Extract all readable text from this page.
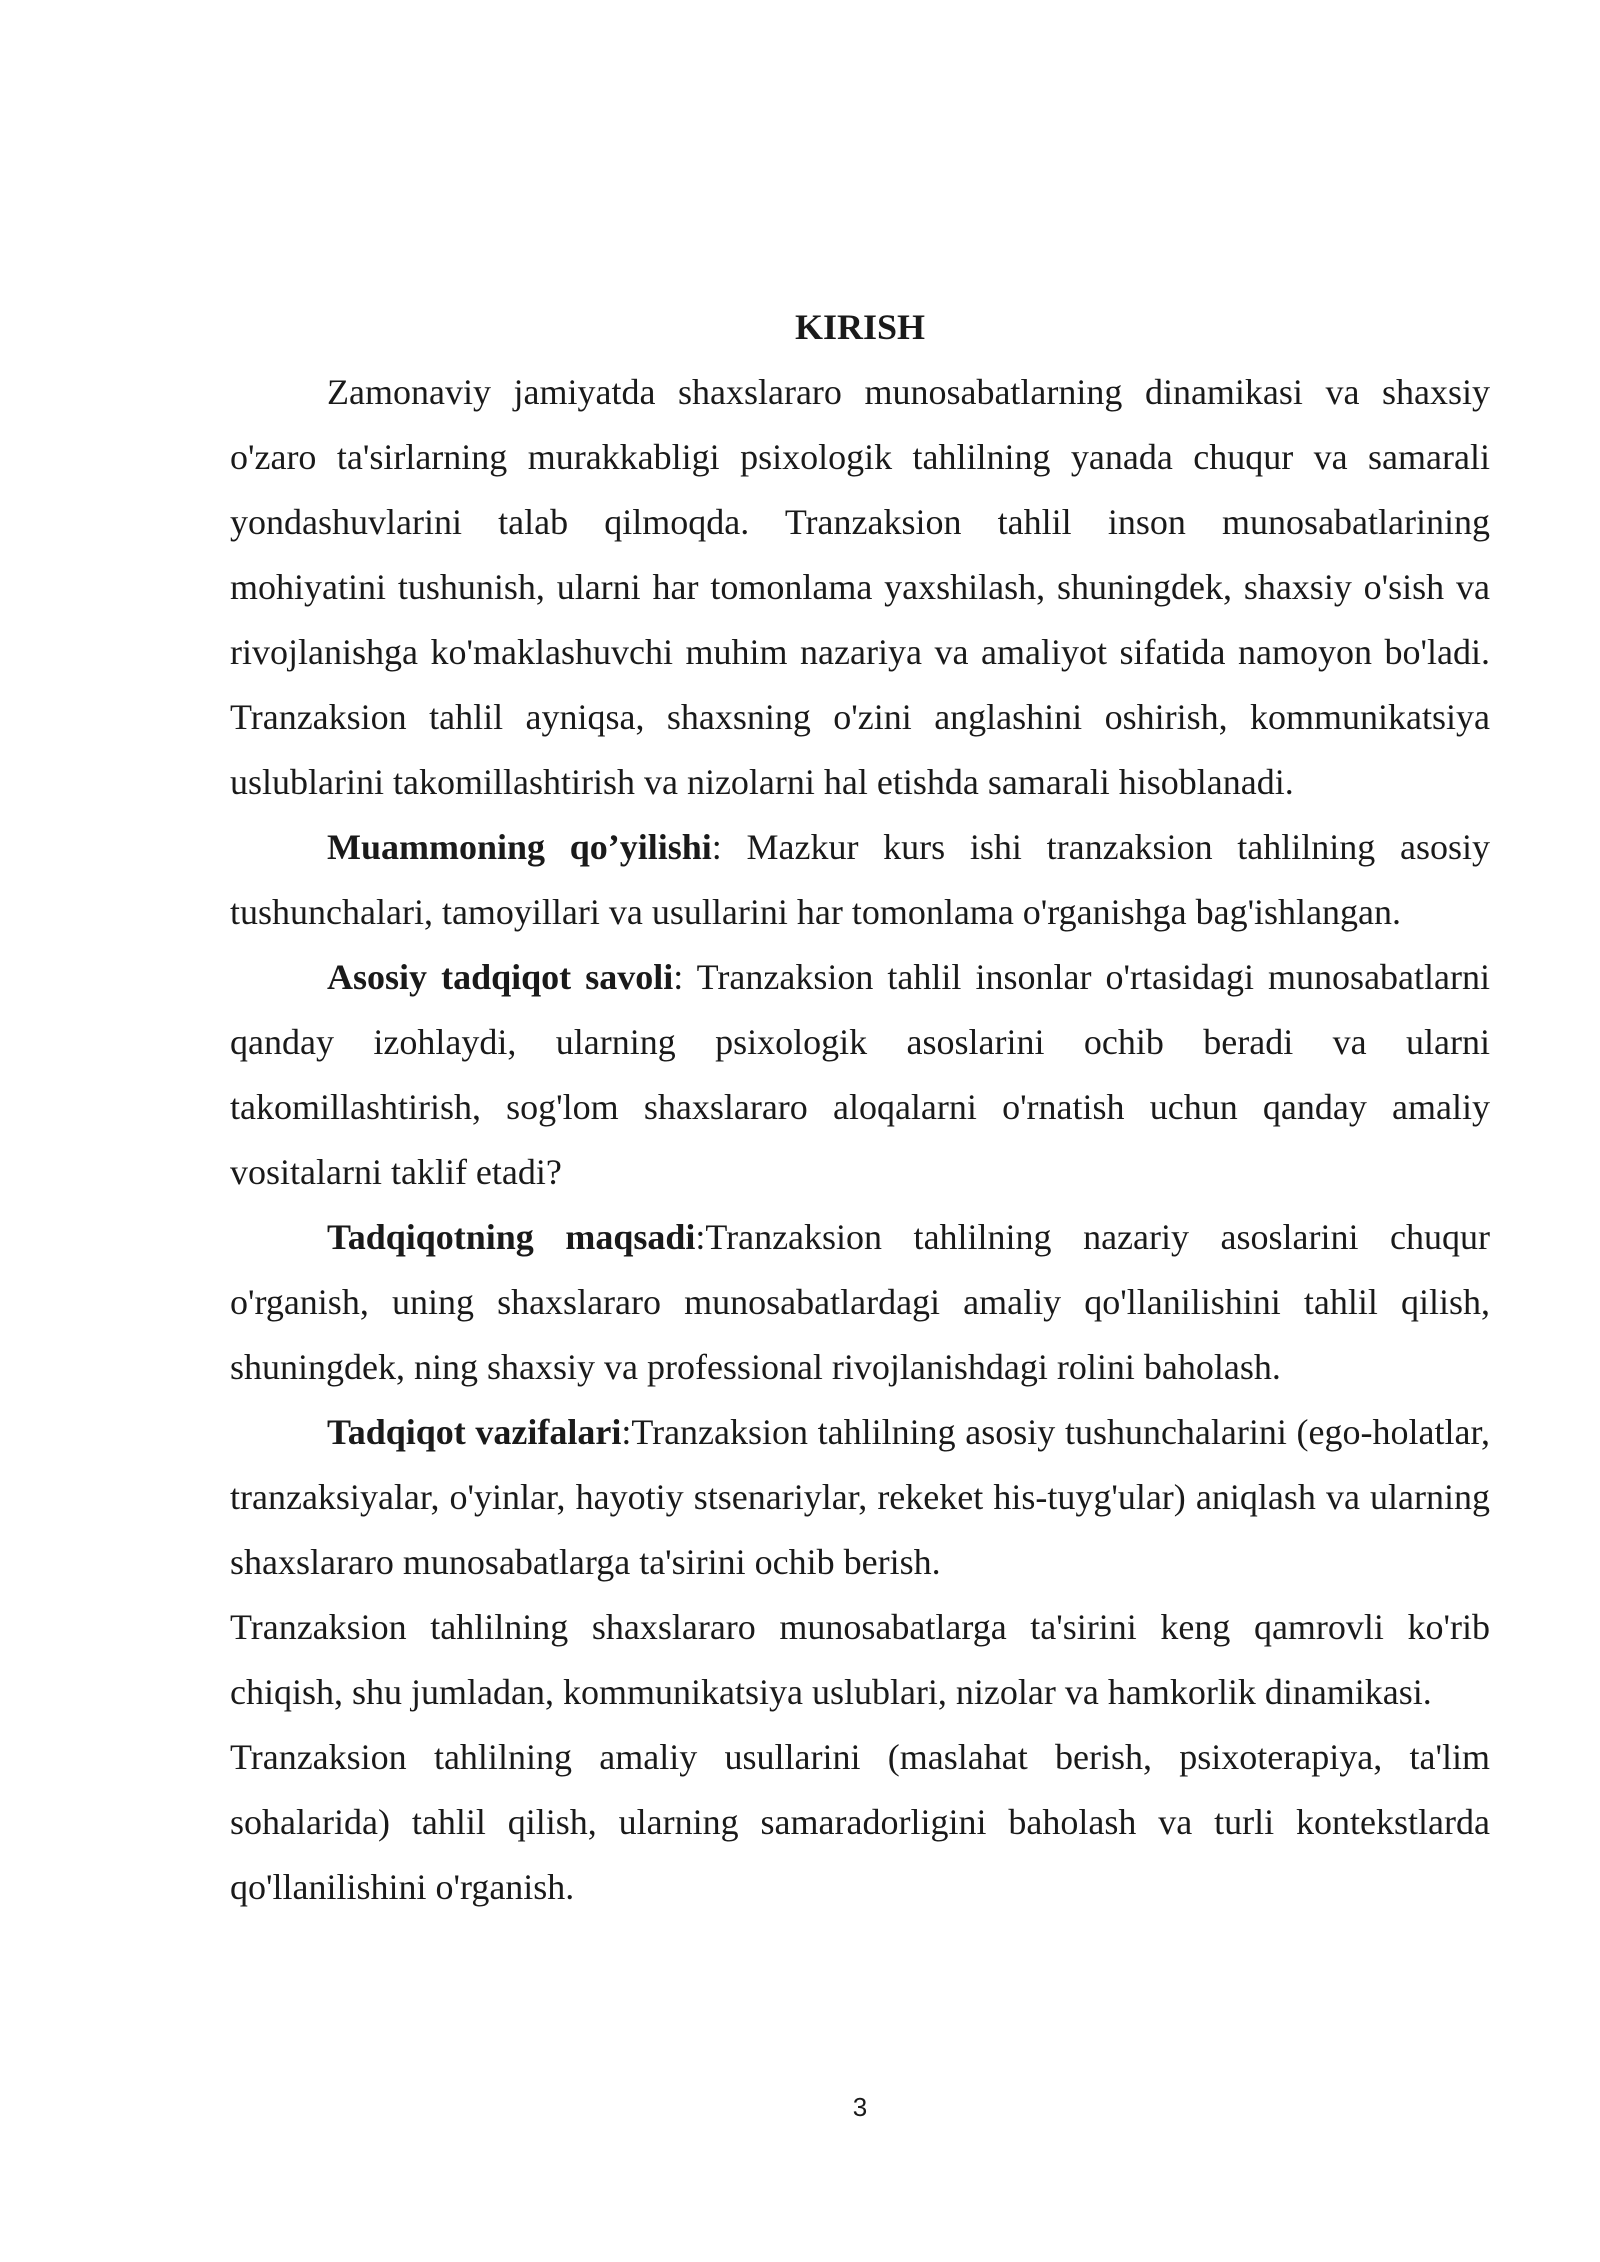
KIRISH

Zamonaviy jamiyatda shaxslararo munosabatlarning dinamikasi va shaxsiy o'zaro ta'sirlarning murakkabligi psixologik tahlilning yanada chuqur va samarali yondashuvlarini talab qilmoqda. Tranzaksion tahlil inson munosabatlarining mohiyatini tushunish, ularni har tomonlama yaxshilash, shuningdek, shaxsiy o'sish va rivojlanishga ko'maklashuvchi muhim nazariya va amaliyot sifatida namoyon bo'ladi. Tranzaksion tahlil ayniqsa, shaxsning o'zini anglashini oshirish, kommunikatsiya uslublarini takomillashtirish va nizolarni hal etishda samarali hisoblanadi.

Muammoning qo’yilishi: Mazkur kurs ishi tranzaksion tahlilning asosiy tushunchalari, tamoyillari va usullarini har tomonlama o'rganishga bag'ishlangan.

Asosiy tadqiqot savoli: Tranzaksion tahlil insonlar o'rtasidagi munosabatlarni qanday izohlaydi, ularning psixologik asoslarini ochib beradi va ularni takomillashtirish, sog'lom shaxslararo aloqalarni o'rnatish uchun qanday amaliy vositalarni taklif etadi?

Tadqiqotning maqsadi:Tranzaksion tahlilning nazariy asoslarini chuqur o'rganish, uning shaxslararo munosabatlardagi amaliy qo'llanilishini tahlil qilish, shuningdek, ning shaxsiy va professional rivojlanishdagi rolini baholash.

Tadqiqot vazifalari:Tranzaksion tahlilning asosiy tushunchalarini (ego-holatlar, tranzaksiyalar, o'yinlar, hayotiy stsenariylar, rekeket his-tuyg'ular) aniqlash va ularning shaxslararo munosabatlarga ta'sirini ochib berish.

Tranzaksion tahlilning shaxslararo munosabatlarga ta'sirini keng qamrovli ko'rib chiqish, shu jumladan, kommunikatsiya uslublari, nizolar va hamkorlik dinamikasi.

Tranzaksion tahlilning amaliy usullarini (maslahat berish, psixoterapiya, ta'lim sohalarida) tahlil qilish, ularning samaradorligini baholash va turli kontekstlarda qo'llanilishini o'rganish.

3
